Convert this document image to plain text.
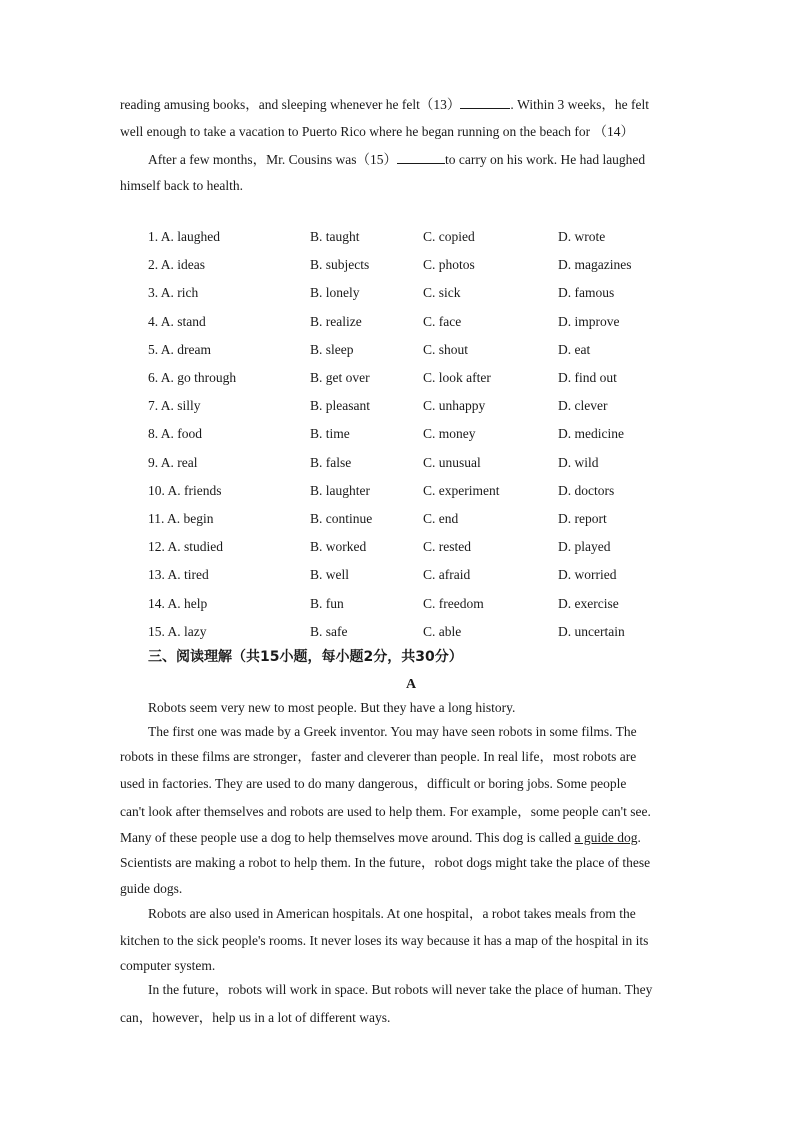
reading amusing books，and sleeping whenever he felt（13）	. Within 3 weeks，he felt
well enough to take a vacation to Puerto Rico where he began running on the beach for （14）
After a few months，Mr. Cousins was（15）	to carry on his work. He had laughed
himself back to health.
1. A. laughed	B. taught	C. copied	D. wrote
2. A. ideas	B. subjects	C. photos	D. magazines
3. A. rich	B. lonely	C. sick	D. famous
4. A. stand	B. realize	C. face	D. improve
5. A. dream	B. sleep	C. shout	D. eat
6. A. go through	B. get over	C. look after	D. find out
7. A. silly	B. pleasant	C. unhappy	D. clever
8. A. food	B. time	C. money	D. medicine
9. A. real	B. false	C. unusual	D. wild
10. A. friends	B. laughter	C. experiment	D. doctors
11. A. begin	B. continue	C. end	D. report
12. A. studied	B. worked	C. rested	D. played
13. A. tired	B. well	C. afraid	D. worried
14. A. help	B. fun	C. freedom	D. exercise
15. A. lazy	B. safe	C. able	D. uncertain
三、阅读理解（共15小题，每小题2分，共30分）
A
Robots seem very new to most people. But they have a long history.
The first one was made by a Greek inventor. You may have seen robots in some films. The
robots in these films are stronger，faster and cleverer than people. In real life，most robots are
used in factories. They are used to do many dangerous，difficult or boring jobs. Some people
can't look after themselves and robots are used to help them. For example，some people can't see.
Many of these people use a dog to help themselves move around. This dog is called a guide dog.
Scientists are making a robot to help them. In the future，robot dogs might take the place of these
guide dogs.
Robots are also used in American hospitals. At one hospital，a robot takes meals from the
kitchen to the sick people's rooms. It never loses its way because it has a map of the hospital in its
computer system.
In the future，robots will work in space. But robots will never take the place of human. They
can，however，help us in a lot of different ways.
